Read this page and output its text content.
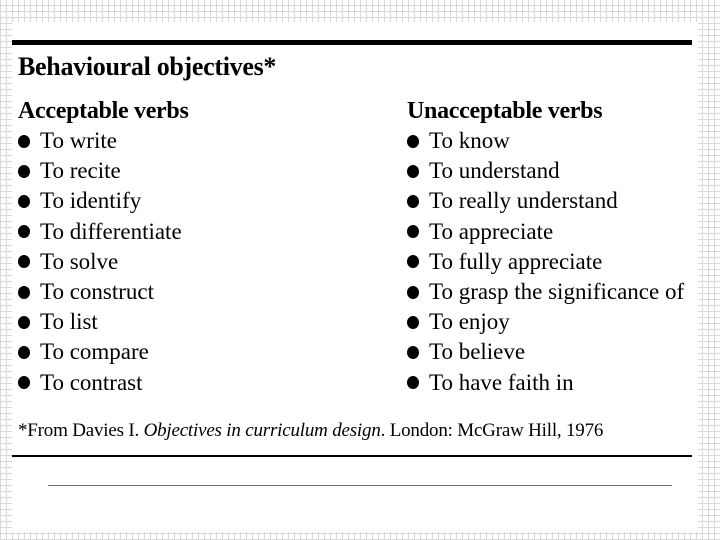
Behavioural objectives*
Acceptable verbs
To write
To recite
To identify
To differentiate
To solve
To construct
To list
To compare
To contrast
Unacceptable verbs
To know
To understand
To really understand
To appreciate
To fully appreciate
To grasp the significance of
To enjoy
To believe
To have faith in
*From Davies I. Objectives in curriculum design. London: McGraw Hill, 1976
